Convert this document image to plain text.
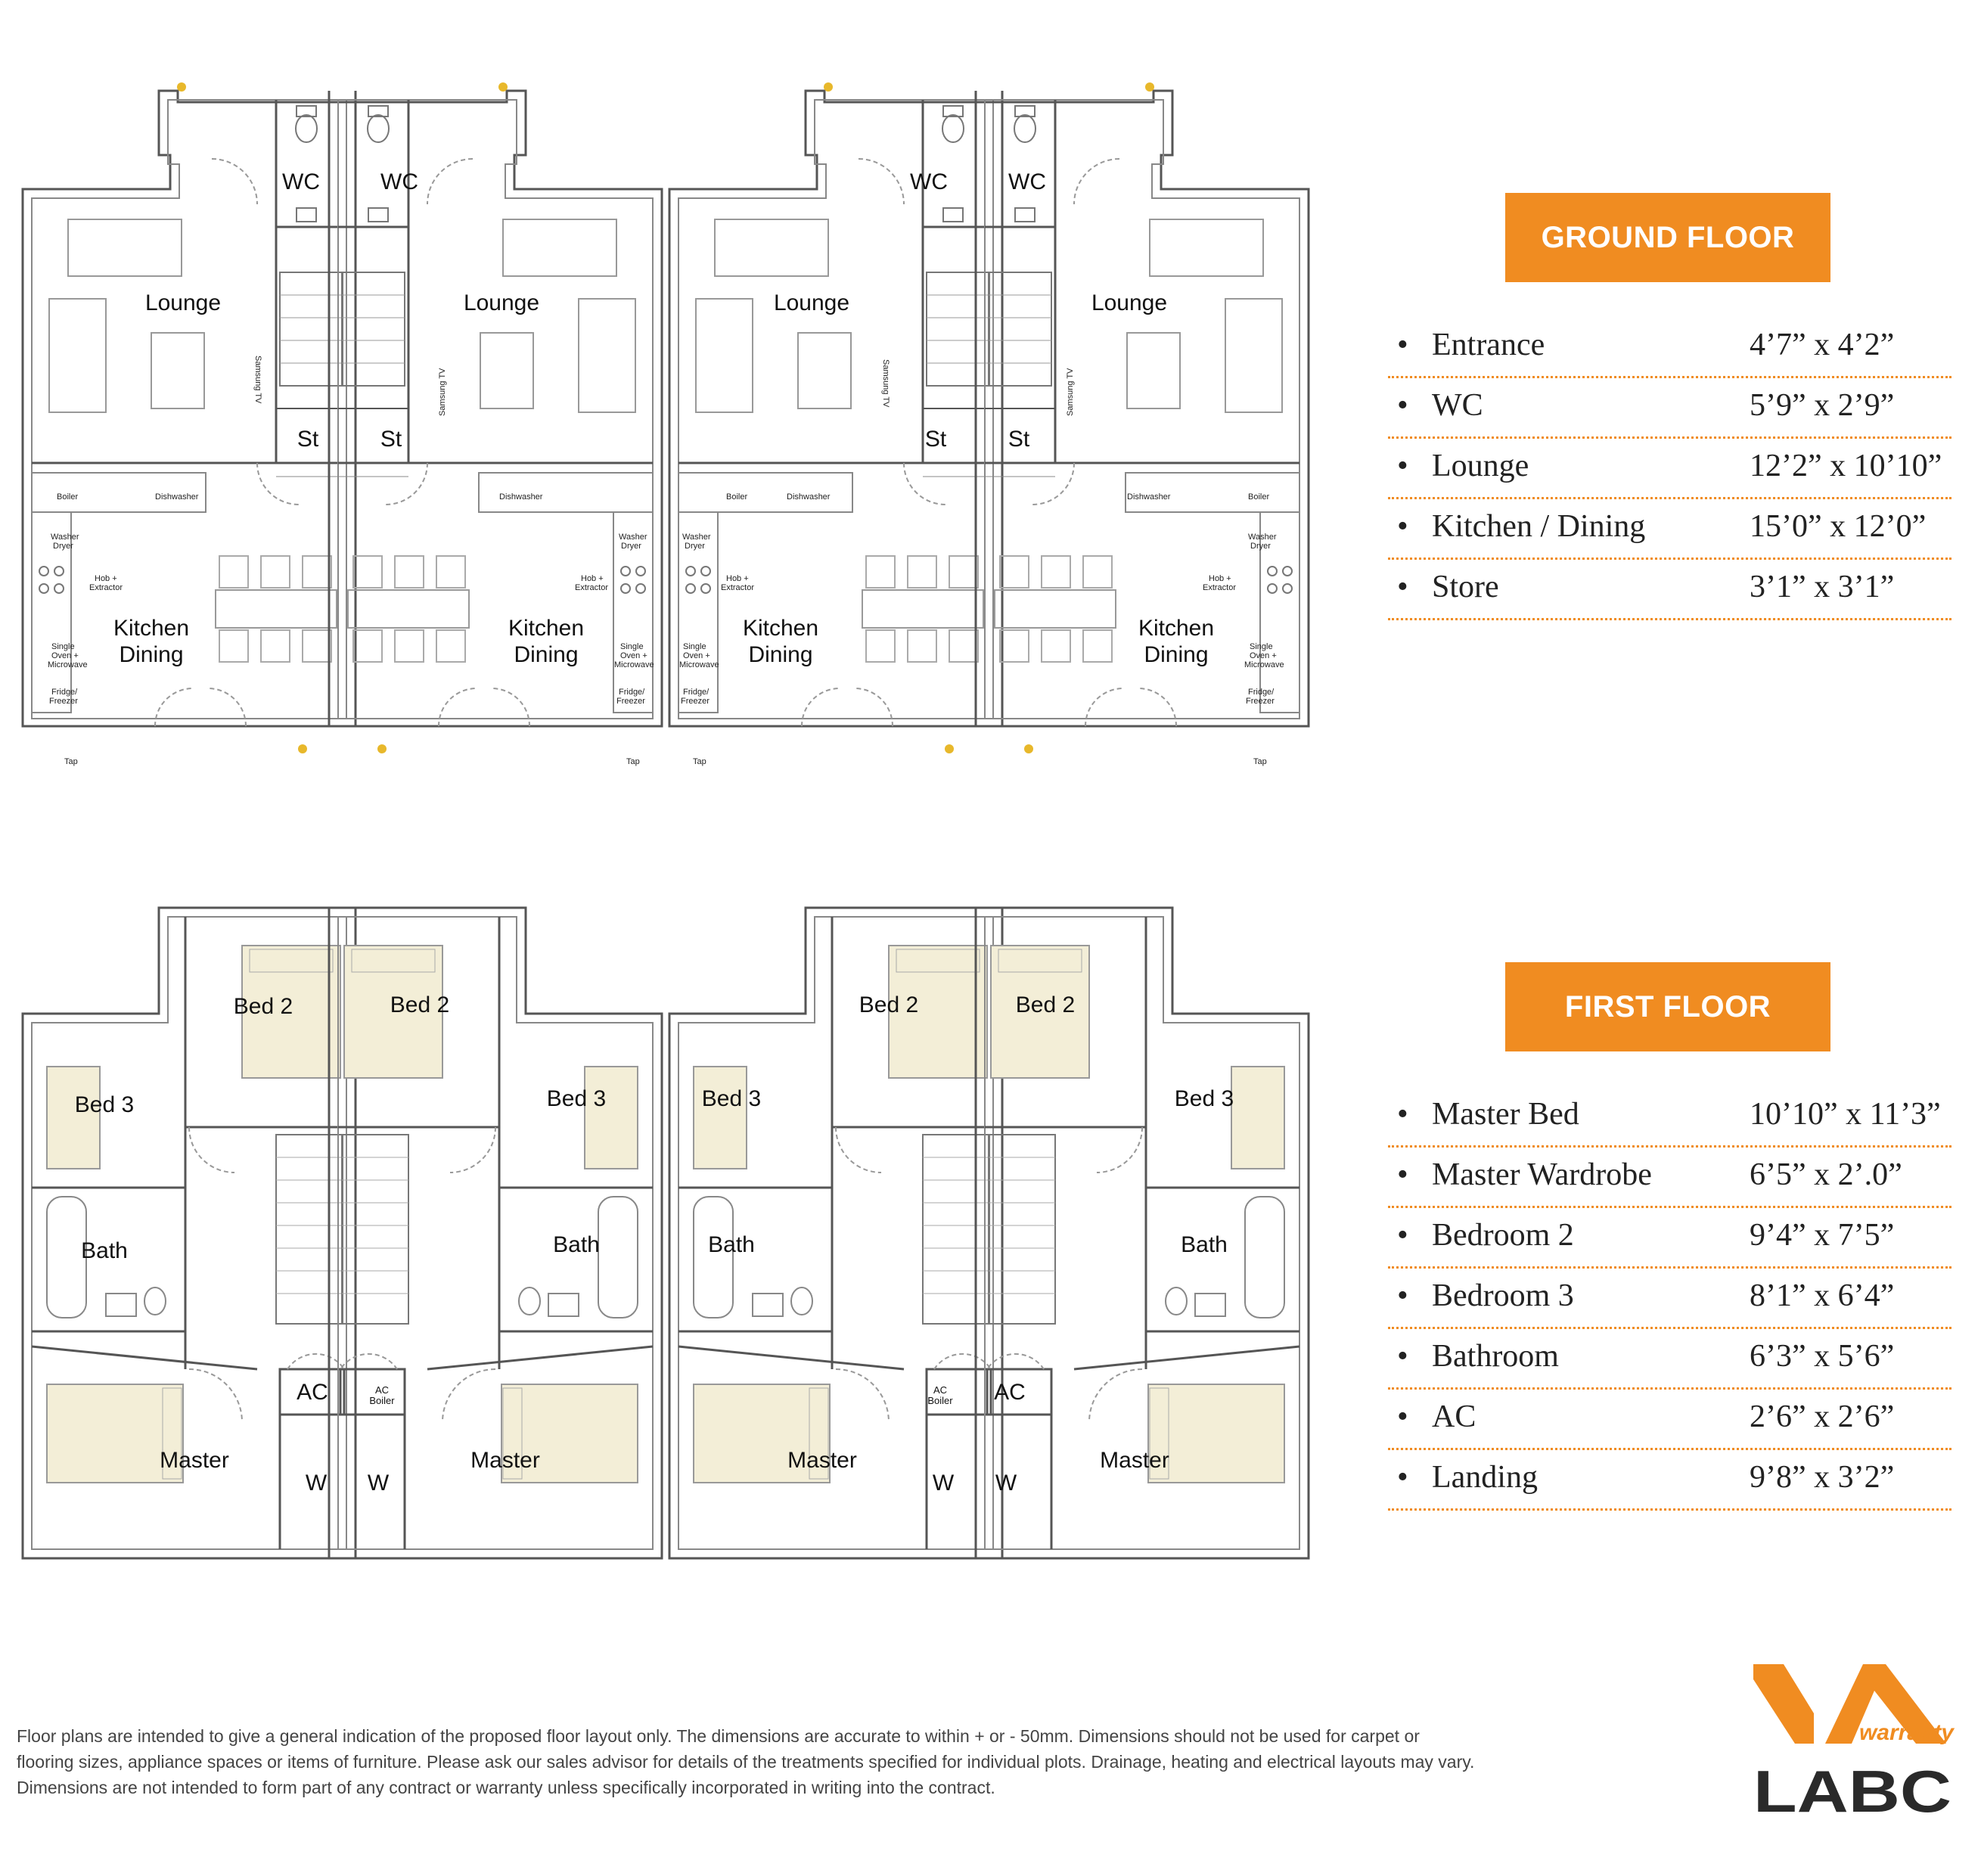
WC	WC	WC	WC
Lounge	Lounge	Lounge	Lounge
St	St	St	St
Kitchen
Dining
Kitchen
Dining
Kitchen
Dining
Kitchen
Dining
Boiler	Dishwasher
Washer
Dryer
Hob +
Extractor
Single
Oven +
Microwave
Fridge/
Freezer
Dishwasher
Washer
Dryer
Hob +
Extractor
Single
Oven +
Microwave
Fridge/
Freezer
Boiler	Dishwasher
Washer
Dryer
Hob +
Extractor
Single
Oven +
Microwave
Fridge/
Freezer
Dishwasher	Boiler
Washer
Dryer
Hob +
Extractor
Single
Oven +
Microwave
Fridge/
Freezer
Samsung TV	Samsung TV	Samsung TV	Samsung TV
Tap	Tap	Tap	Tap
Bed 2	Bed 2	Bed 2	Bed 2
Bed 3	Bed 3	Bed 3	Bed 3
Bath	Bath	Bath	Bath
Master	Master	Master	Master
W W	W W
AC	AC
AC
Boiler
AC
Boiler
GROUND FLOOR
• Entrance	4’7” x 4’2”
• WC	5’9” x 2’9”
• Lounge	12’2” x 10’10”
• Kitchen / Dining	15’0” x 12’0”
• Store	3’1” x 3’1”
FIRST FLOOR
• Master Bed	10’10” x 11’3”
• Master Wardrobe	6’5” x 2’.0”
• Bedroom 2	9’4” x 7’5”
• Bedroom 3	8’1” x 6’4”
• Bathroom	6’3” x 5’6”
• AC	2’6” x 2’6”
• Landing	9’8” x 3’2”
Floor plans are intended to give a general indication of the proposed floor layout only. The dimensions are accurate to within + or - 50mm. Dimensions should not be used for carpet or
flooring sizes, appliance spaces or items of furniture. Please ask our sales advisor for details of the treatments specified for individual plots. Drainage, heating and electrical layouts may vary.
Dimensions are not intended to form part of any contract or warranty unless specifically incorporated in writing into the contract.
warranty
LABC
